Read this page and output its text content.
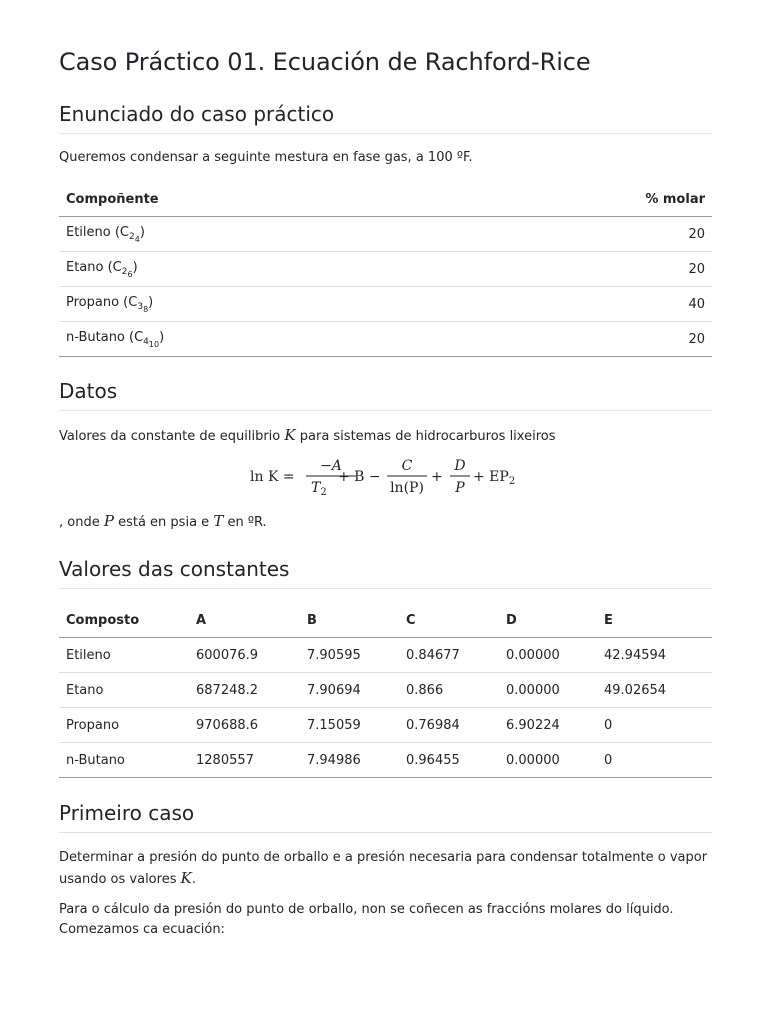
Caso Práctico 01. Ecuación de Rachford-Rice
Enunciado do caso práctico

Queremos condensar a seguinte mestura en fase gas, a 100 ºF.

Compoñente	% molar
Etileno $(C_{2_4})$	20
Etano $(C_{2_6})$	20
Propano $(C_{3_8})$	40
n-Butano $(C_{4_{10}})$	20
Datos

Valores da constante de equilibrio K para sistemas de hidrocarburos lixeiros

ln K =
−A
$T_2$
+ B −
C
ln(P)
+
D
P
+ $EP_2$

, onde P está en psia e T en ºR.

Valores das constantes
Composto	A	B	C	D	E
Etileno	600076.9	7.90595	0.84677	0.00000	42.94594
Etano	687248.2	7.90694	0.866	0.00000	49.02654
Propano	970688.6	7.15059	0.76984	6.90224	0
n-Butano	1280557	7.94986	0.96455	0.00000	0
Primeiro caso

Determinar a presión do punto de orballo e a presión necesaria para condensar totalmente o vapor usando os valores K.

Para o cálculo da presión do punto de orballo, non se coñecen as fraccións molares do líquido. Comezamos ca ecuación:
